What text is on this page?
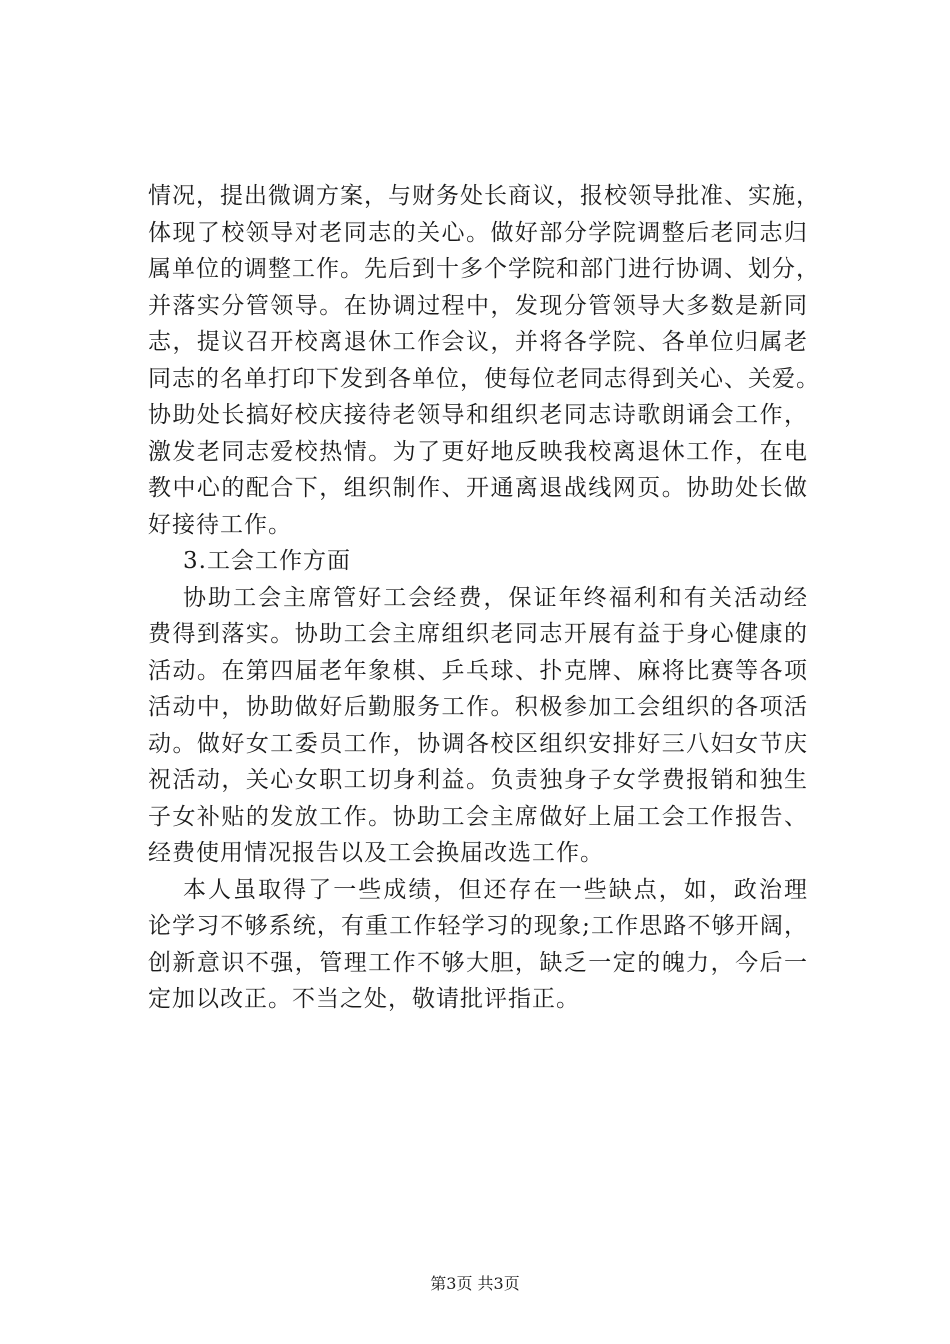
情况，提出微调方案，与财务处长商议，报校领导批准、实施，
体现了校领导对老同志的关心。做好部分学院调整后老同志归
属单位的调整工作。先后到十多个学院和部门进行协调、划分，
并落实分管领导。在协调过程中，发现分管领导大多数是新同
志，提议召开校离退休工作会议，并将各学院、各单位归属老
同志的名单打印下发到各单位，使每位老同志得到关心、关爱。
协助处长搞好校庆接待老领导和组织老同志诗歌朗诵会工作，
激发老同志爱校热情。为了更好地反映我校离退休工作，在电
教中心的配合下，组织制作、开通离退战线网页。协助处长做
好接待工作。
3.工会工作方面
协助工会主席管好工会经费，保证年终福利和有关活动经
费得到落实。协助工会主席组织老同志开展有益于身心健康的
活动。在第四届老年象棋、乒乓球、扑克牌、麻将比赛等各项
活动中，协助做好后勤服务工作。积极参加工会组织的各项活
动。做好女工委员工作，协调各校区组织安排好三八妇女节庆
祝活动，关心女职工切身利益。负责独身子女学费报销和独生
子女补贴的发放工作。协助工会主席做好上届工会工作报告、
经费使用情况报告以及工会换届改选工作。
本人虽取得了一些成绩，但还存在一些缺点，如，政治理
论学习不够系统，有重工作轻学习的现象;工作思路不够开阔，
创新意识不强，管理工作不够大胆，缺乏一定的魄力，今后一
定加以改正。不当之处，敬请批评指正。
第3页 共3页
